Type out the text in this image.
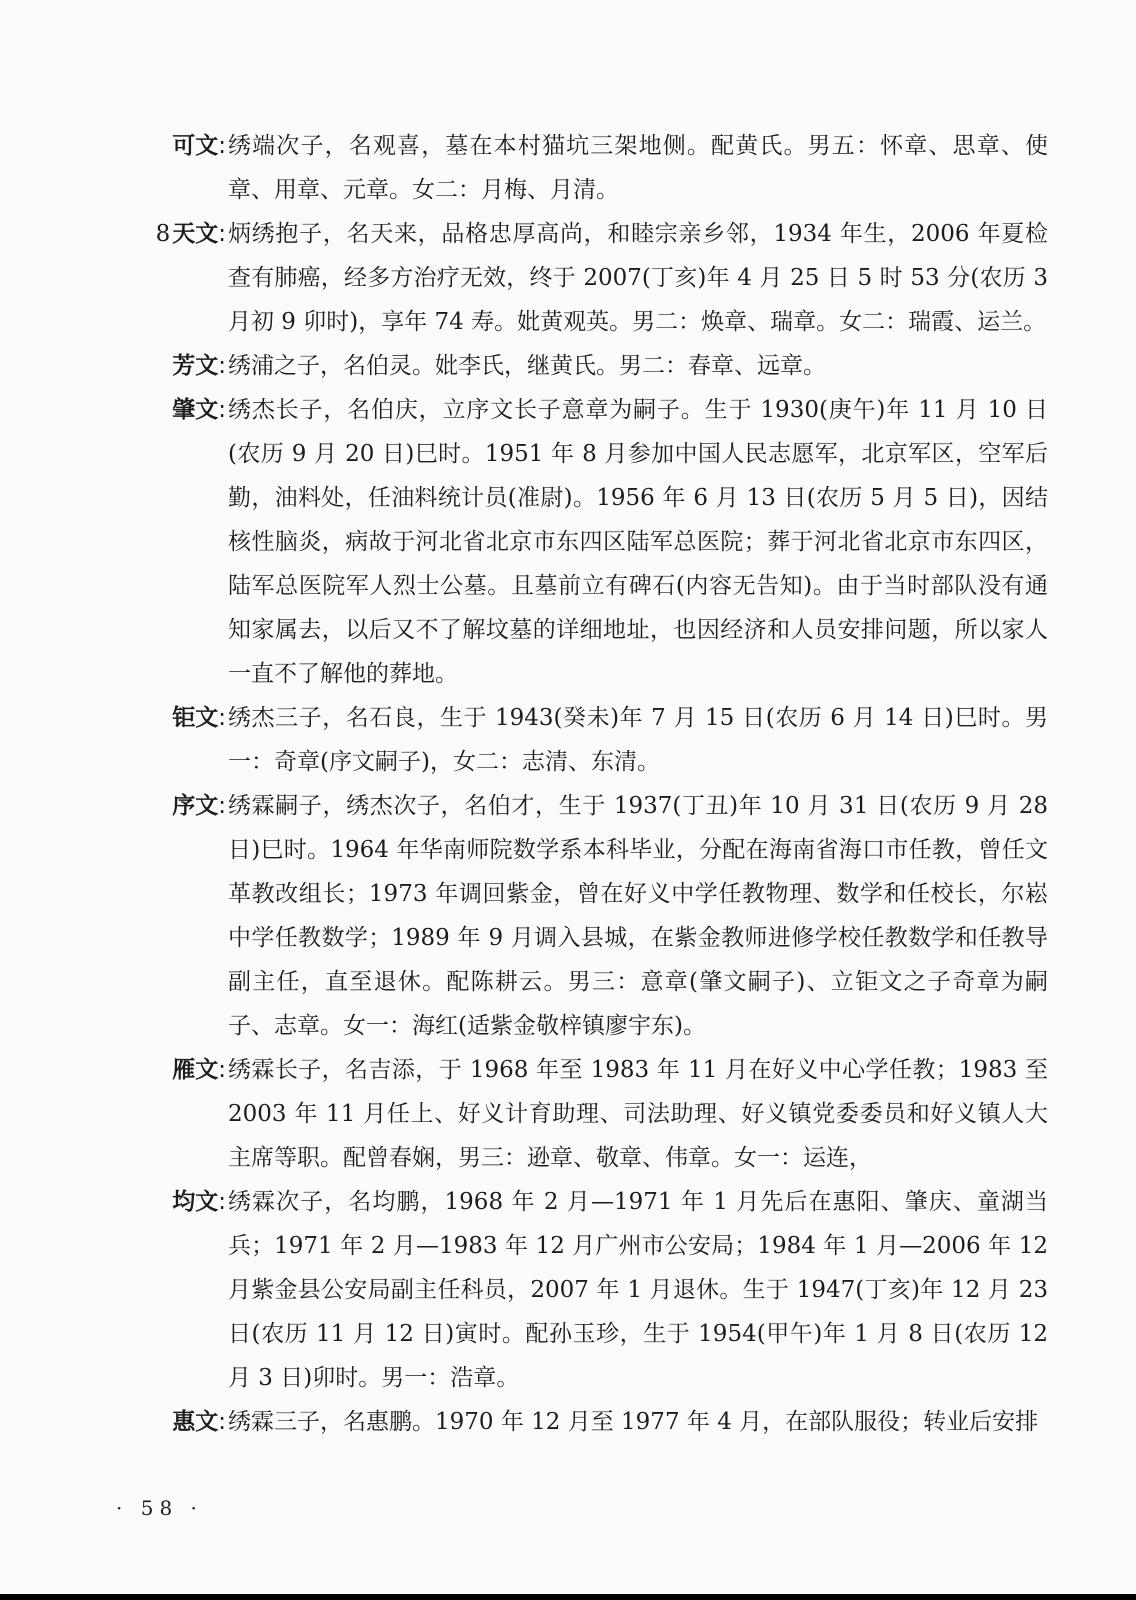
可文: 绣端次子，名观喜，墓在本村猫坑三架地侧。配黄氏。男五：怀章、思章、使章、用章、元章。女二：月梅、月清。
8天文: 炳绣抱子，名天来，品格忠厚高尚，和睦宗亲乡邻，1934 年生，2006 年夏检查有肺癌，经多方治疗无效，终于 2007(丁亥)年 4 月 25 日 5 时 53 分(农历 3 月初 9 卯时)，享年 74 寿。妣黄观英。男二：焕章、瑞章。女二：瑞霞、运兰。
芳文: 绣浦之子，名伯灵。妣李氏，继黄氏。男二：春章、远章。
肇文: 绣杰长子，名伯庆，立序文长子意章为嗣子。生于 1930(庚午)年 11 月 10 日(农历 9 月 20 日)巳时。1951 年 8 月参加中国人民志愿军，北京军区，空军后勤，油料处，任油料统计员(准尉)。1956 年 6 月 13 日(农历 5 月 5 日)，因结核性脑炎，病故于河北省北京市东四区陆军总医院；葬于河北省北京市东四区，陆军总医院军人烈士公墓。且墓前立有碑石(内容无告知)。由于当时部队没有通知家属去，以后又不了解坟墓的详细地址，也因经济和人员安排问题，所以家人一直不了解他的葬地。
钜文: 绣杰三子，名石良，生于 1943(癸未)年 7 月 15 日(农历 6 月 14 日)巳时。男一：奇章(序文嗣子)，女二：志清、东清。
序文: 绣霖嗣子，绣杰次子，名伯才，生于 1937(丁丑)年 10 月 31 日(农历 9 月 28 日)巳时。1964 年华南师院数学系本科毕业，分配在海南省海口市任教，曾任文革教改组长；1973 年调回紫金，曾在好义中学任教物理、数学和任校长，尔崧中学任教数学；1989 年 9 月调入县城，在紫金教师进修学校任教数学和任教导副主任，直至退休。配陈耕云。男三：意章(肇文嗣子)、立钜文之子奇章为嗣子、志章。女一：海红(适紫金敬梓镇廖宇东)。
雁文: 绣霖长子，名吉添，于 1968 年至 1983 年 11 月在好义中心学任教；1983 至 2003 年 11 月任上、好义计育助理、司法助理、好义镇党委委员和好义镇人大主席等职。配曾春娴，男三：逊章、敬章、伟章。女一：运连，
均文: 绣霖次子，名均鹏，1968 年 2 月—1971 年 1 月先后在惠阳、肇庆、童湖当兵；1971 年 2 月—1983 年 12 月广州市公安局；1984 年 1 月—2006 年 12 月紫金县公安局副主任科员，2007 年 1 月退休。生于 1947(丁亥)年 12 月 23 日(农历 11 月 12 日)寅时。配孙玉珍，生于 1954(甲午)年 1 月 8 日(农历 12 月 3 日)卯时。男一：浩章。
惠文: 绣霖三子，名惠鹏。1970 年 12 月至 1977 年 4 月，在部队服役；转业后安排
· 58 ·
